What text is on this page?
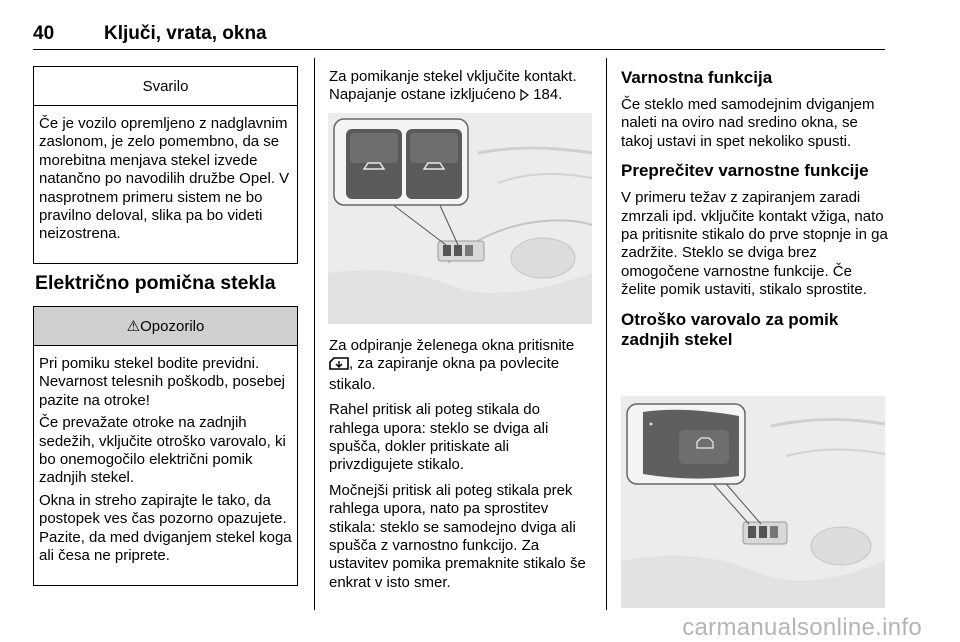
40	Ključi, vrata, okna
Svarilo

Če je vozilo opremljeno z nadglavnim zaslonom, je zelo pomembno, da se morebitna menjava stekel izvede natančno po navodilih družbe Opel. V nasprotnem primeru sistem ne bo pravilno deloval, slika pa bo videti neizostrena.

Električno pomična stekla
⚠Opozorilo

Pri pomiku stekel bodite previdni. Nevarnost telesnih poškodb, posebej pazite na otroke!

Če prevažate otroke na zadnjih sedežih, vključite otroško varovalo, ki bo onemogočilo električni pomik zadnjih stekel.

Okna in streho zapirajte le tako, da postopek ves čas pozorno opazujete. Pazite, da med dviganjem stekel koga ali česa ne priprete.

Za pomikanje stekel vključite kontakt. Napajanje ostane izkljućeno 184.

Za odpiranje želenega okna pritisnite , za zapiranje okna pa povlecite stikalo.

Rahel pritisk ali poteg stikala do rahlega upora: steklo se dviga ali spušča, dokler pritiskate ali privzdigujete stikalo.

Močnejši pritisk ali poteg stikala prek rahlega upora, nato pa sprostitev stikala: steklo se samodejno dviga ali spušča z varnostno funkcijo. Za ustavitev pomika premaknite stikalo še enkrat v isto smer.

Varnostna funkcija

Če steklo med samodejnim dviganjem naleti na oviro nad sredino okna, se takoj ustavi in spet nekoliko spusti.

Preprečitev varnostne funkcije

V primeru težav z zapiranjem zaradi zmrzali ipd. vključite kontakt vžiga, nato pa pritisnite stikalo do prve stopnje in ga zadržite. Steklo se dviga brez omogočene varnostne funkcije. Če želite pomik ustaviti, stikalo sprostite.

Otroško varovalo za pomik zadnjih stekel
carmanualsonline.info
